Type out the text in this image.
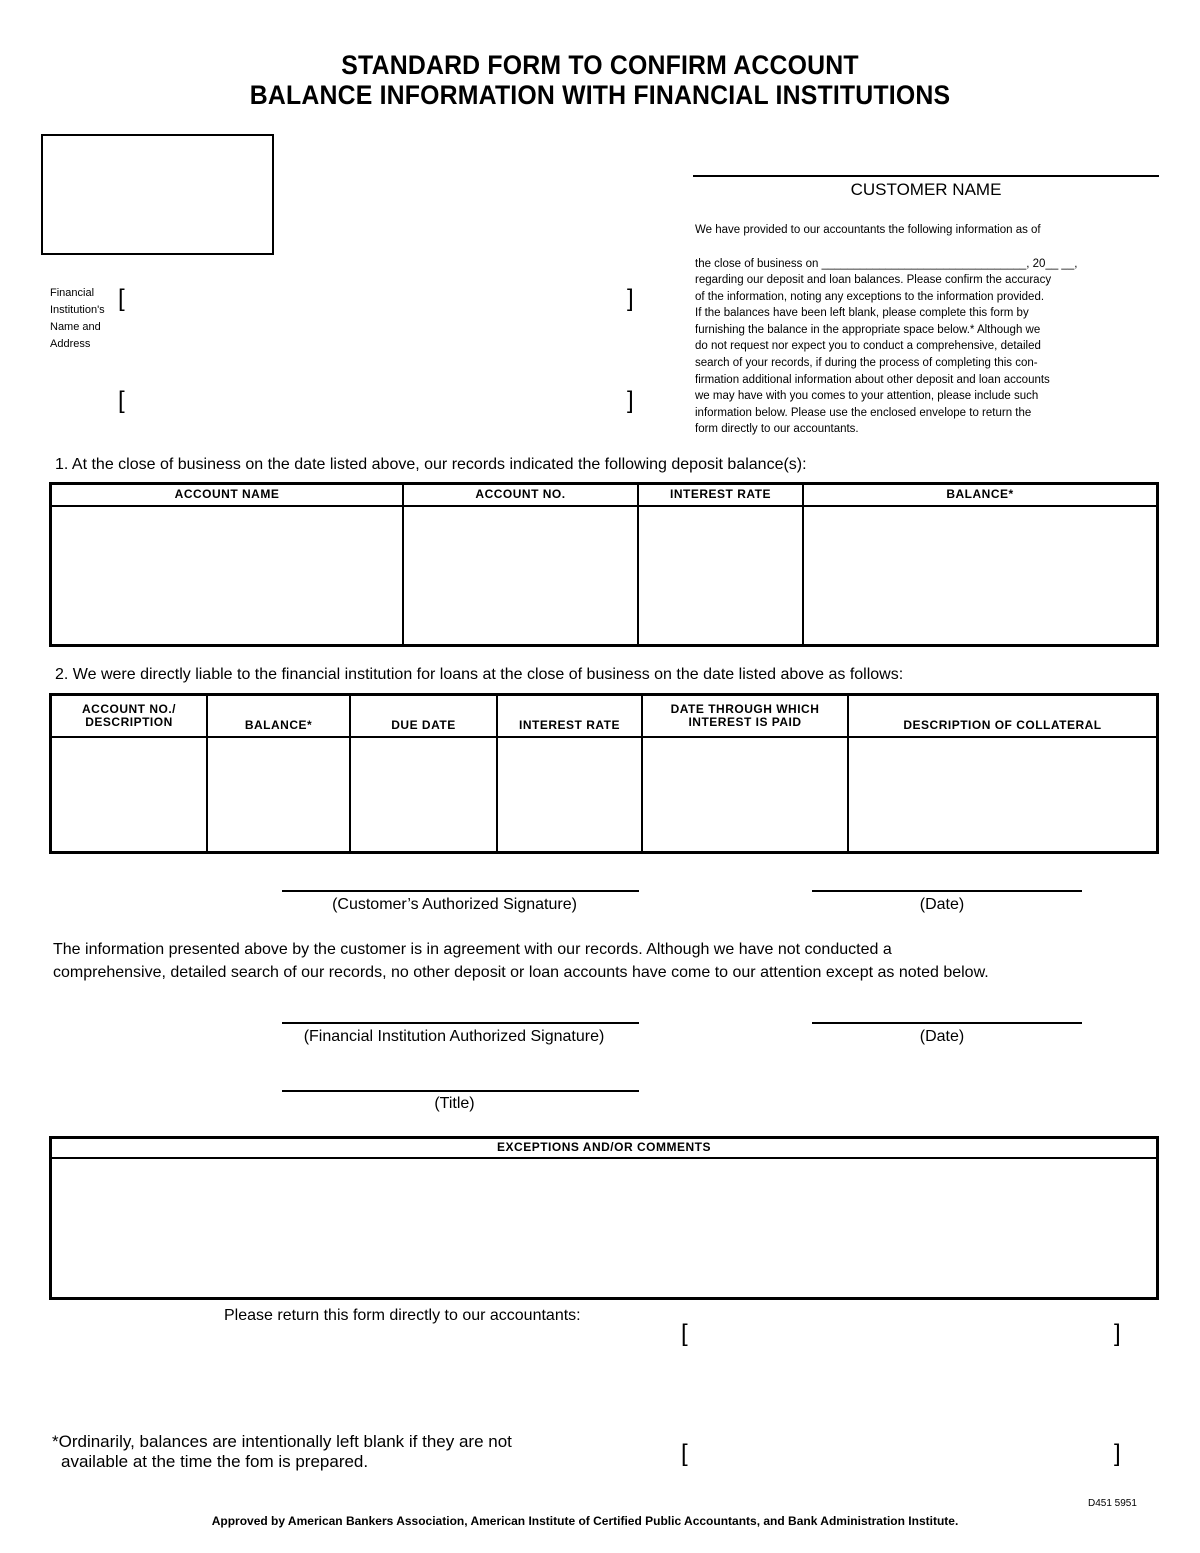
STANDARD FORM TO CONFIRM ACCOUNT
BALANCE INFORMATION WITH FINANCIAL INSTITUTIONS
Financial
Institution's
Name and
Address
[	]
[	]
CUSTOMER NAME
We have provided to our accountants the following information as of
the close of business on ________________________________, 20__ __,
regarding our deposit and loan balances. Please confirm the accuracy
of the information, noting any exceptions to the information provided.
If the balances have been left blank, please complete this form by
furnishing the balance in the appropriate space below.* Although we
do not request nor expect you to conduct a comprehensive, detailed
search of your records, if during the process of completing this con-
firmation additional information about other deposit and loan accounts
we may have with you comes to your attention, please include such
information below. Please use the enclosed envelope to return the
form directly to our accountants.
1. At the close of business on the date listed above, our records indicated the following deposit balance(s):
ACCOUNT NAME	ACCOUNT NO.	INTEREST RATE	BALANCE*

2. We were directly liable to the financial institution for loans at the close of business on the date listed above as follows:
ACCOUNT NO./ DESCRIPTION	BALANCE*	DUE DATE	INTEREST RATE	DATE THROUGH WHICH INTEREST IS PAID	DESCRIPTION OF COLLATERAL

(Customer’s Authorized Signature)	(Date)
The information presented above by the customer is in agreement with our records. Although we have not conducted a
comprehensive, detailed search of our records, no other deposit or loan accounts have come to our attention except as noted below.
(Financial Institution Authorized Signature)	(Date)
(Title)
EXCEPTIONS AND/OR COMMENTS

Please return this form directly to our accountants:
[	]
[	]
*Ordinarily, balances are intentionally left blank if they are not
available at the time the fom is prepared.
D451 5951
Approved by American Bankers Association, American Institute of Certified Public Accountants, and Bank Administration Institute.
